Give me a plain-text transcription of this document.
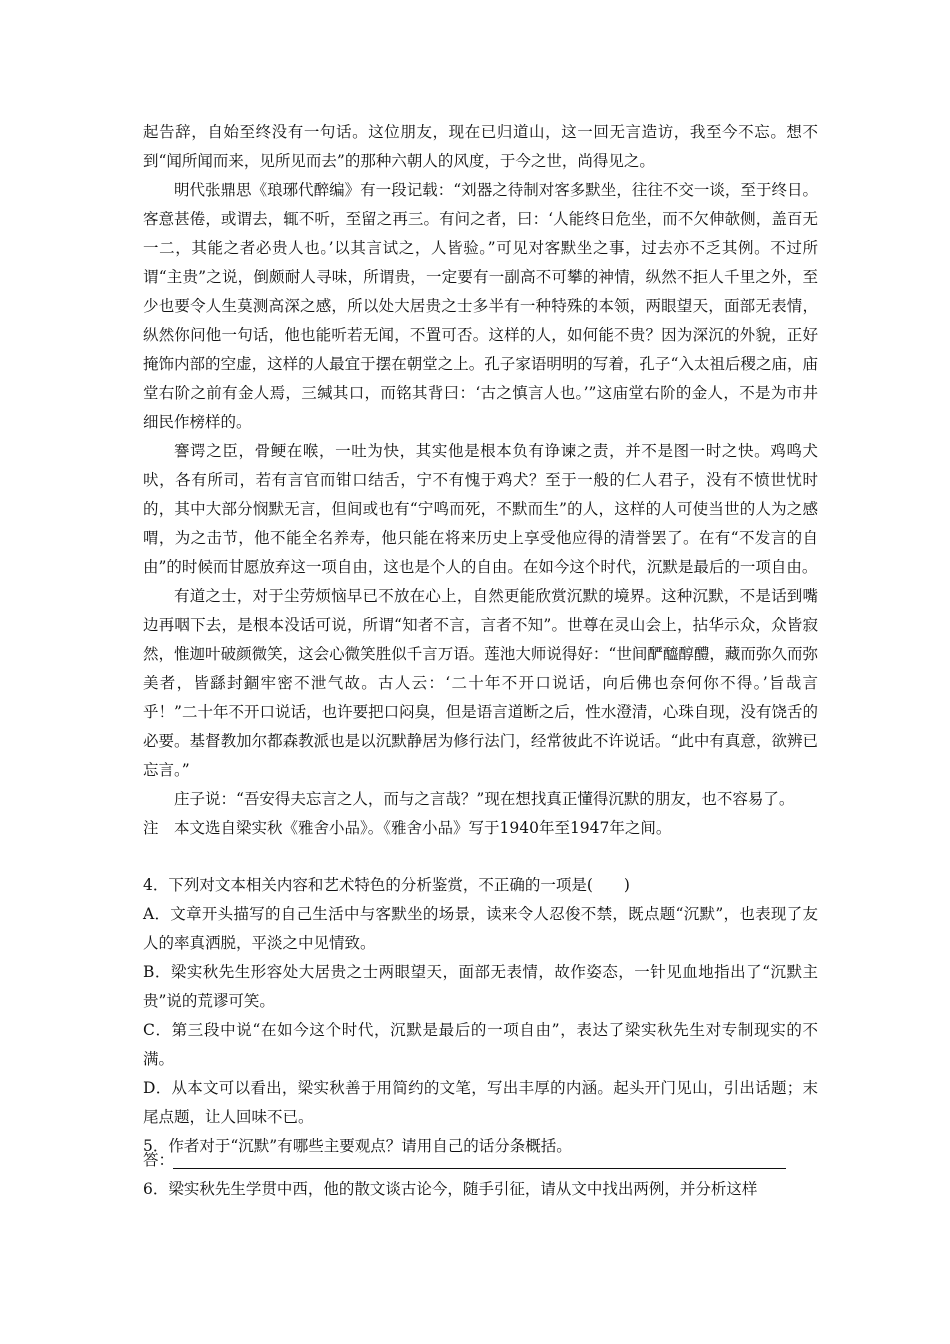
起告辞，自始至终没有一句话。这位朋友，现在已归道山，这一回无言造访，我至今不忘。想不到“闻所闻而来，见所见而去”的那种六朝人的风度，于今之世，尚得见之。

明代张鼎思《琅琊代醉编》有一段记载：“刘器之待制对客多默坐，往往不交一谈，至于终日。客意甚倦，或谓去，辄不听，至留之再三。有问之者，曰：‘人能终日危坐，而不欠伸欹侧，盖百无一二，其能之者必贵人也。’以其言试之，人皆验。”可见对客默坐之事，过去亦不乏其例。不过所谓“主贵”之说，倒颇耐人寻味，所谓贵，一定要有一副高不可攀的神情，纵然不拒人千里之外，至少也要令人生莫测高深之感，所以处大居贵之士多半有一种特殊的本领，两眼望天，面部无表情，纵然你问他一句话，他也能听若无闻，不置可否。这样的人，如何能不贵？因为深沉的外貌，正好掩饰内部的空虚，这样的人最宜于摆在朝堂之上。孔子家语明明的写着，孔子“入太祖后稷之庙，庙堂右阶之前有金人焉，三缄其口，而铭其背曰：‘古之慎言人也。’”这庙堂右阶的金人，不是为市井细民作榜样的。

謇谔之臣，骨鲠在喉，一吐为快，其实他是根本负有诤谏之责，并不是图一时之快。鸡鸣犬吠，各有所司，若有言官而钳口结舌，宁不有愧于鸡犬？至于一般的仁人君子，没有不愤世忧时的，其中大部分悯默无言，但间或也有“宁鸣而死，不默而生”的人，这样的人可使当世的人为之感喟，为之击节，他不能全名养寿，他只能在将来历史上享受他应得的清誉罢了。在有“不发言的自由”的时候而甘愿放弃这一项自由，这也是个人的自由。在如今这个时代，沉默是最后的一项自由。

有道之士，对于尘劳烦恼早已不放在心上，自然更能欣赏沉默的境界。这种沉默，不是话到嘴边再咽下去，是根本没话可说，所谓“知者不言，言者不知”。世尊在灵山会上，拈华示众，众皆寂然，惟迦叶破颜微笑，这会心微笑胜似千言万语。莲池大师说得好：“世间酽醯醇醴，藏而弥久而弥美者，皆繇封錮牢密不泄气故。古人云：‘二十年不开口说话，向后佛也奈何你不得。’旨哉言乎！”二十年不开口说话，也许要把口闷臭，但是语言道断之后，性水澄清，心珠自现，没有饶舌的必要。基督教加尔都森教派也是以沉默静居为修行法门，经常彼此不许说话。“此中有真意，欲辨已忘言。”

庄子说：“吾安得夫忘言之人，而与之言哉？”现在想找真正懂得沉默的朋友，也不容易了。

注　本文选自梁实秋《雅舍小品》。《雅舍小品》写于1940年至1947年之间。

4．下列对文本相关内容和艺术特色的分析鉴赏，不正确的一项是(　　)

A．文章开头描写的自己生活中与客默坐的场景，读来令人忍俊不禁，既点题“沉默”，也表现了友人的率真洒脱，平淡之中见情致。

B．梁实秋先生形容处大居贵之士两眼望天，面部无表情，故作姿态，一针见血地指出了“沉默主贵”说的荒谬可笑。

C．第三段中说“在如今这个时代，沉默是最后的一项自由”，表达了梁实秋先生对专制现实的不满。

D．从本文可以看出，梁实秋善于用简约的文笔，写出丰厚的内涵。起头开门见山，引出话题；末尾点题，让人回味不已。

5．作者对于“沉默”有哪些主要观点？请用自己的话分条概括。

答：

6．梁实秋先生学贯中西，他的散文谈古论今，随手引征，请从文中找出两例，并分析这样
